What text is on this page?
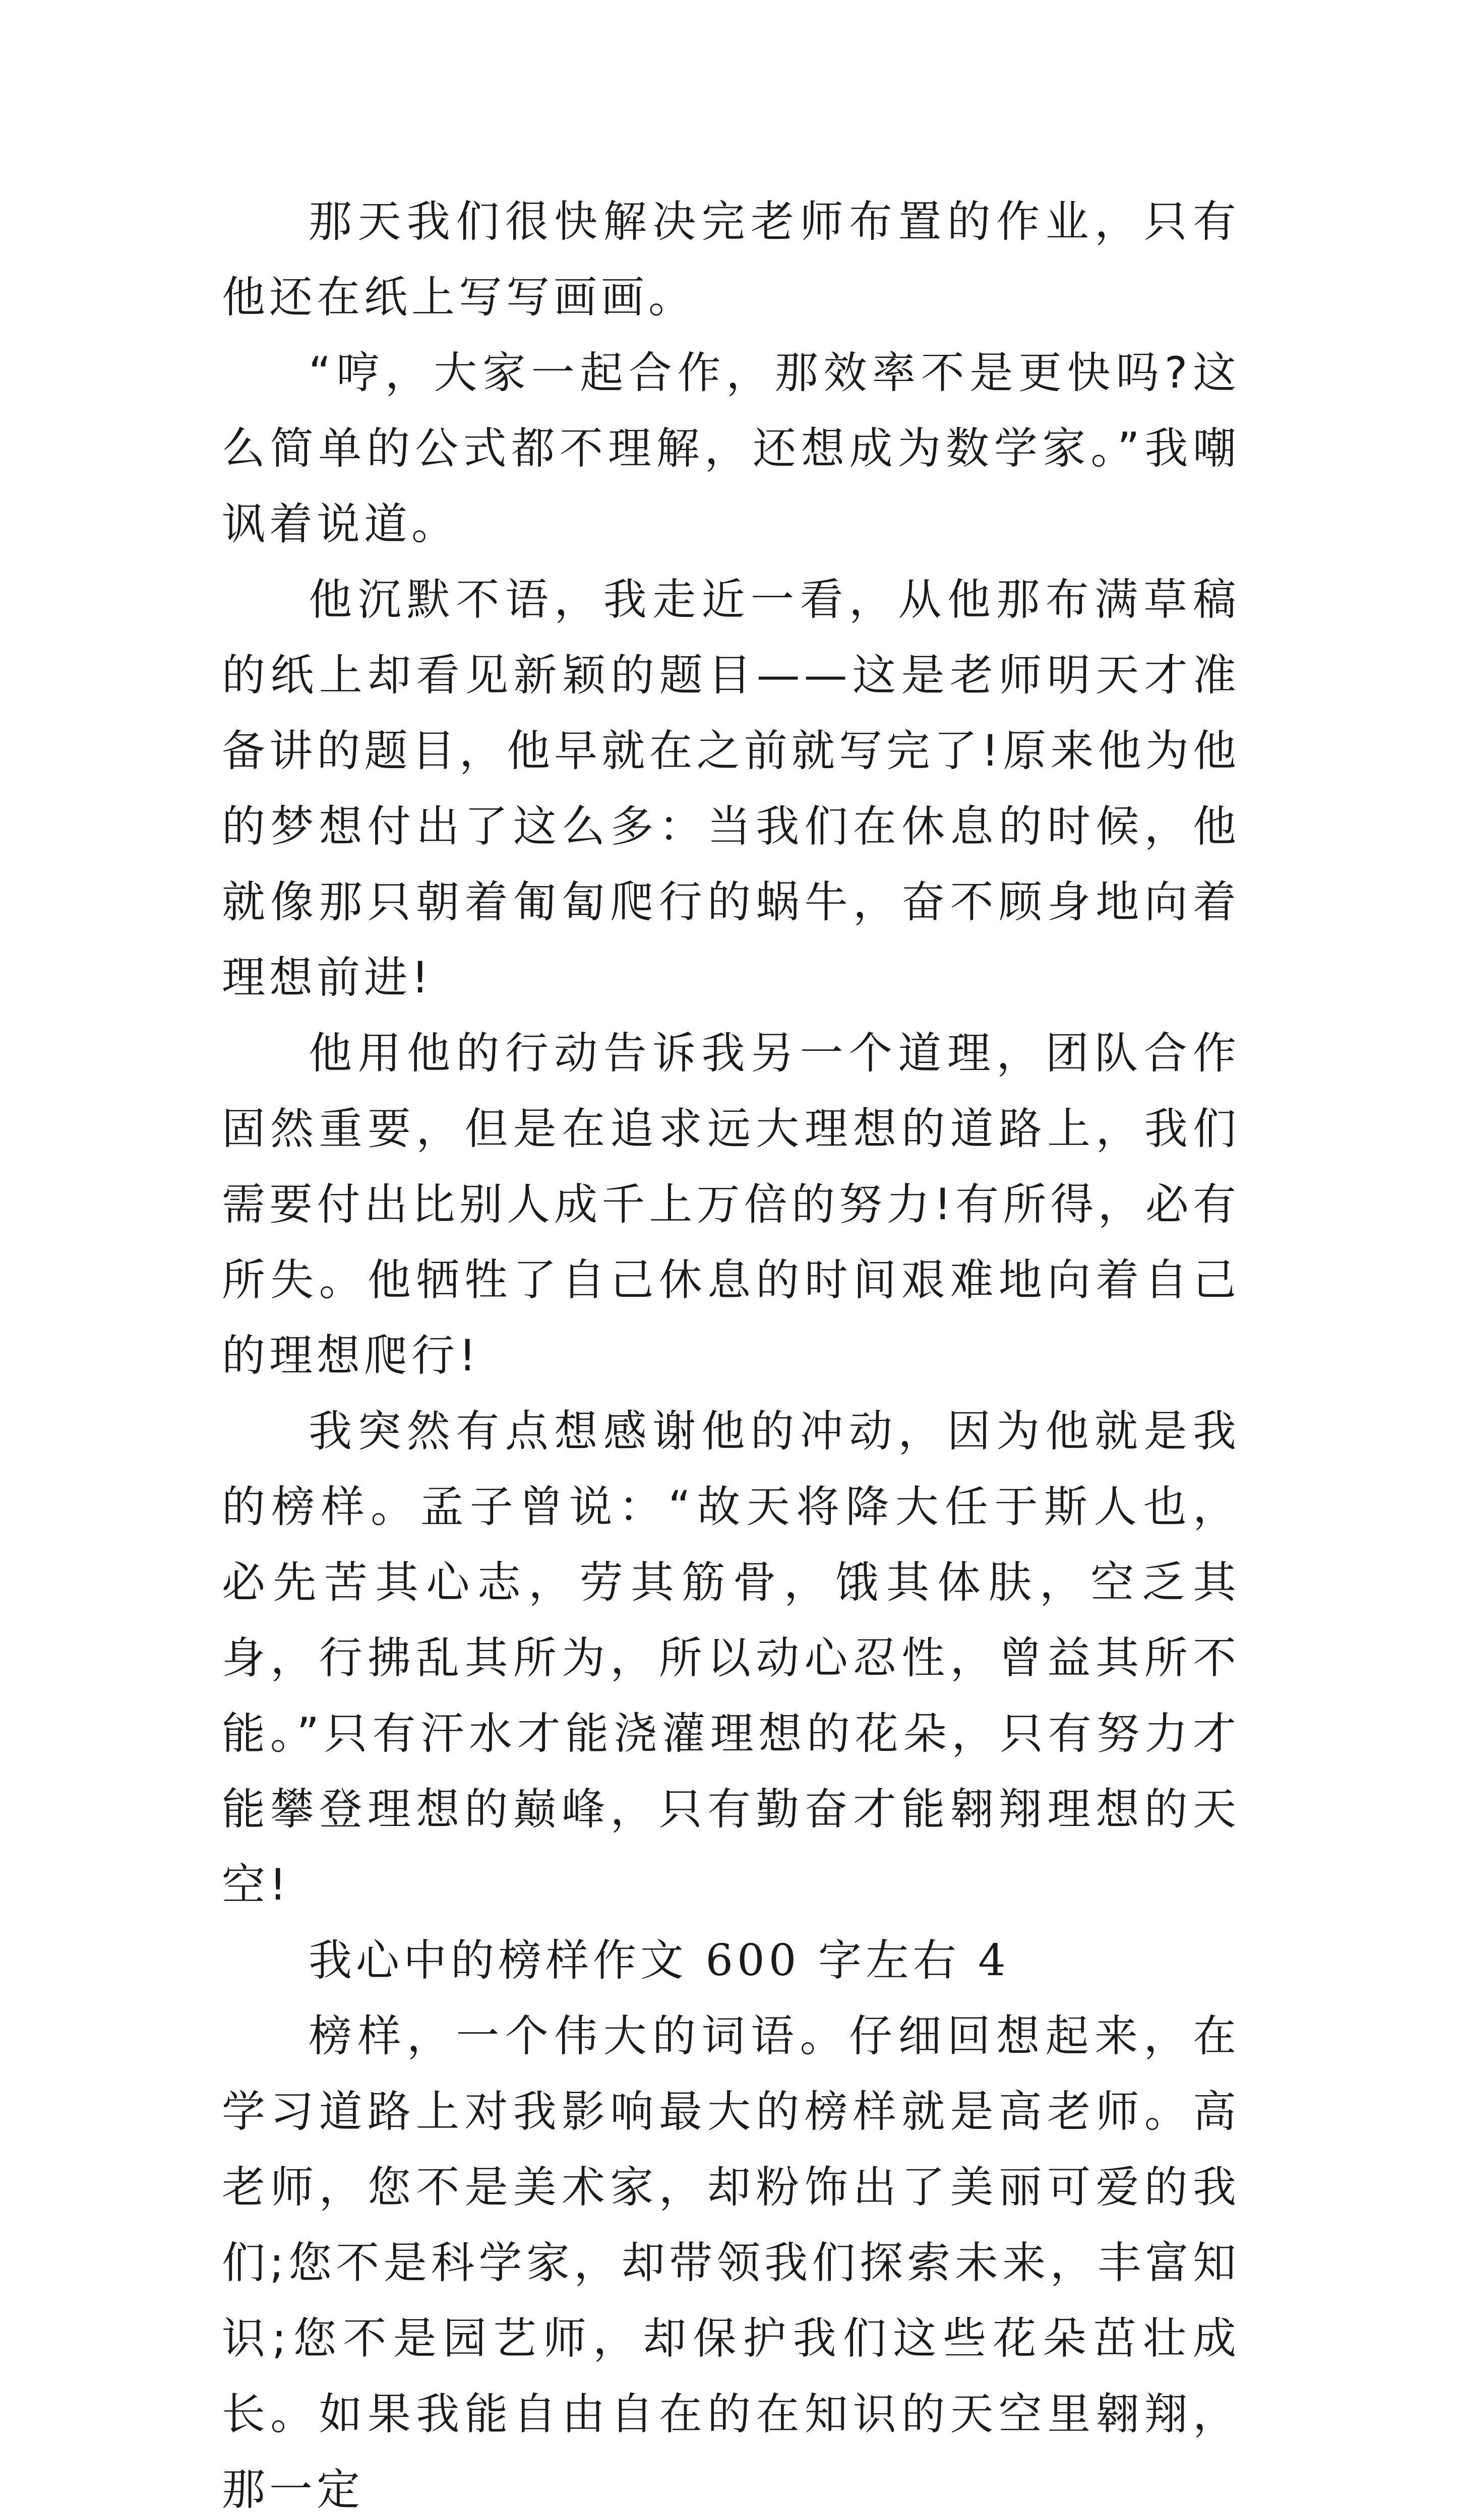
那天我们很快解决完老师布置的作业，只有他还在纸上写写画画。

“哼，大家一起合作，那效率不是更快吗?这么简单的公式都不理解，还想成为数学家。”我嘲讽着说道。

他沉默不语，我走近一看，从他那布满草稿的纸上却看见新颖的题目——这是老师明天才准备讲的题目，他早就在之前就写完了!原来他为他的梦想付出了这么多：当我们在休息的时候，他就像那只朝着匍匐爬行的蜗牛，奋不顾身地向着理想前进!

他用他的行动告诉我另一个道理，团队合作固然重要，但是在追求远大理想的道路上，我们需要付出比别人成千上万倍的努力!有所得，必有所失。他牺牲了自己休息的时间艰难地向着自己的理想爬行!

我突然有点想感谢他的冲动，因为他就是我的榜样。孟子曾说：“故天将降大任于斯人也，必先苦其心志，劳其筋骨，饿其体肤，空乏其身，行拂乱其所为，所以动心忍性，曾益其所不能。”只有汗水才能浇灌理想的花朵，只有努力才能攀登理想的巅峰，只有勤奋才能翱翔理想的天空!

我心中的榜样作文 600 字左右 4

榜样，一个伟大的词语。仔细回想起来，在学习道路上对我影响最大的榜样就是高老师。高老师，您不是美术家，却粉饰出了美丽可爱的我们;您不是科学家，却带领我们探索未来，丰富知识;您不是园艺师，却保护我们这些花朵茁壮成长。如果我能自由自在的在知识的天空里翱翔，那一定
